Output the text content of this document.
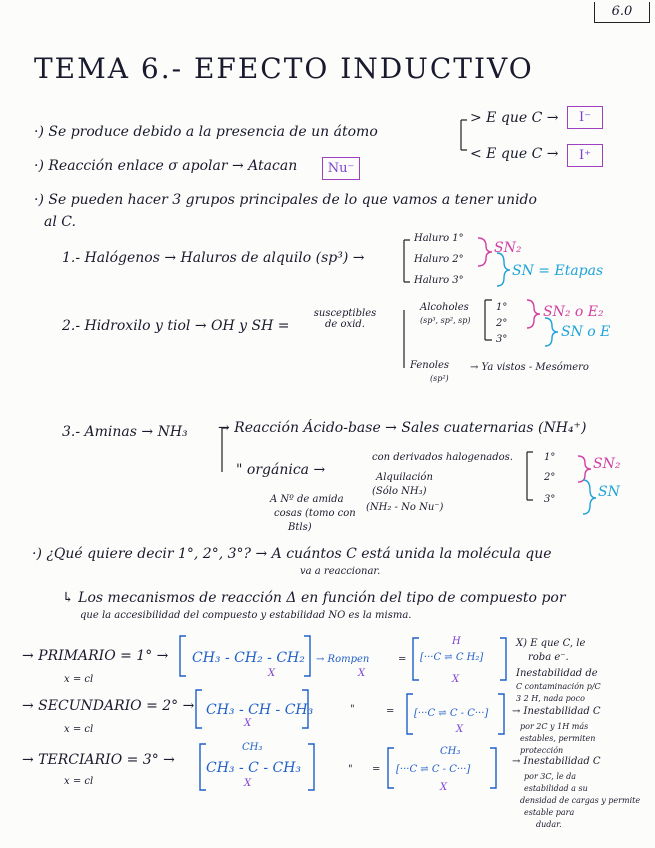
6.0
TEMA 6.- EFECTO INDUCTIVO
·) Se produce debido a la presencia de un átomo
> E que C →	I⁻
< E que C →	I⁺
·) Reacción enlace σ apolar → Atacan	Nu⁻
·) Se pueden hacer 3 grupos principales de lo que vamos a tener unido
al C.
1.- Halógenos → Haluros de alquilo (sp³) →
Haluro 1°
Haluro 2°
Haluro 3°
SN₂
SN = Etapas
2.- Hidroxilo y tiol → OH y SH =
susceptibles de oxid.
Alcoholes
(sp³, sp², sp)
1°
2°
3°
SN₂ o E₂
SN o E
Fenoles
(sp²)
→ Ya vistos - Mesómero
3.- Aminas → NH₃ → Reacción Ácido-base → Sales cuaternarias (NH₄⁺)
" orgánica →
con derivados halogenados.
Alquilación
(Sólo NH₃)
(NH₂ - No Nu⁻)
A Nº de amida
cosas (tomo con
Btls)
1°
2°
3°
SN₂
SN
·) ¿Qué quiere decir 1°, 2°, 3°? → A cuántos C está unida la molécula que
va a reaccionar.
↳ Los mecanismos de reacción Δ en función del tipo de compuesto por
que la accesibilidad del compuesto y estabilidad NO es la misma.
→ PRIMARIO = 1° →
x = cl
CH₃ - CH₂ - CH₂
X
→ Rompen
X
=
H
[···C ⇌ C H₂]
X
X) E que C, le
roba e⁻.
Inestabilidad de
C contaminación p/C
3 2 H, nada poco
→ SECUNDARIO = 2° →
x = cl
CH₃ - CH - CH₃
X
"	= [···C ⇌ C - C···]
X
→ Inestabilidad C
por 2C y 1H más
estables, permiten
protección
→ TERCIARIO = 3° →
x = cl
CH₃
CH₃ - C - CH₃
X
" =
CH₃
[···C ⇌ C - C···]
X
→ Inestabilidad C
por 3C, le da
estabilidad a su
densidad de cargas y permite
estable para
dudar.
